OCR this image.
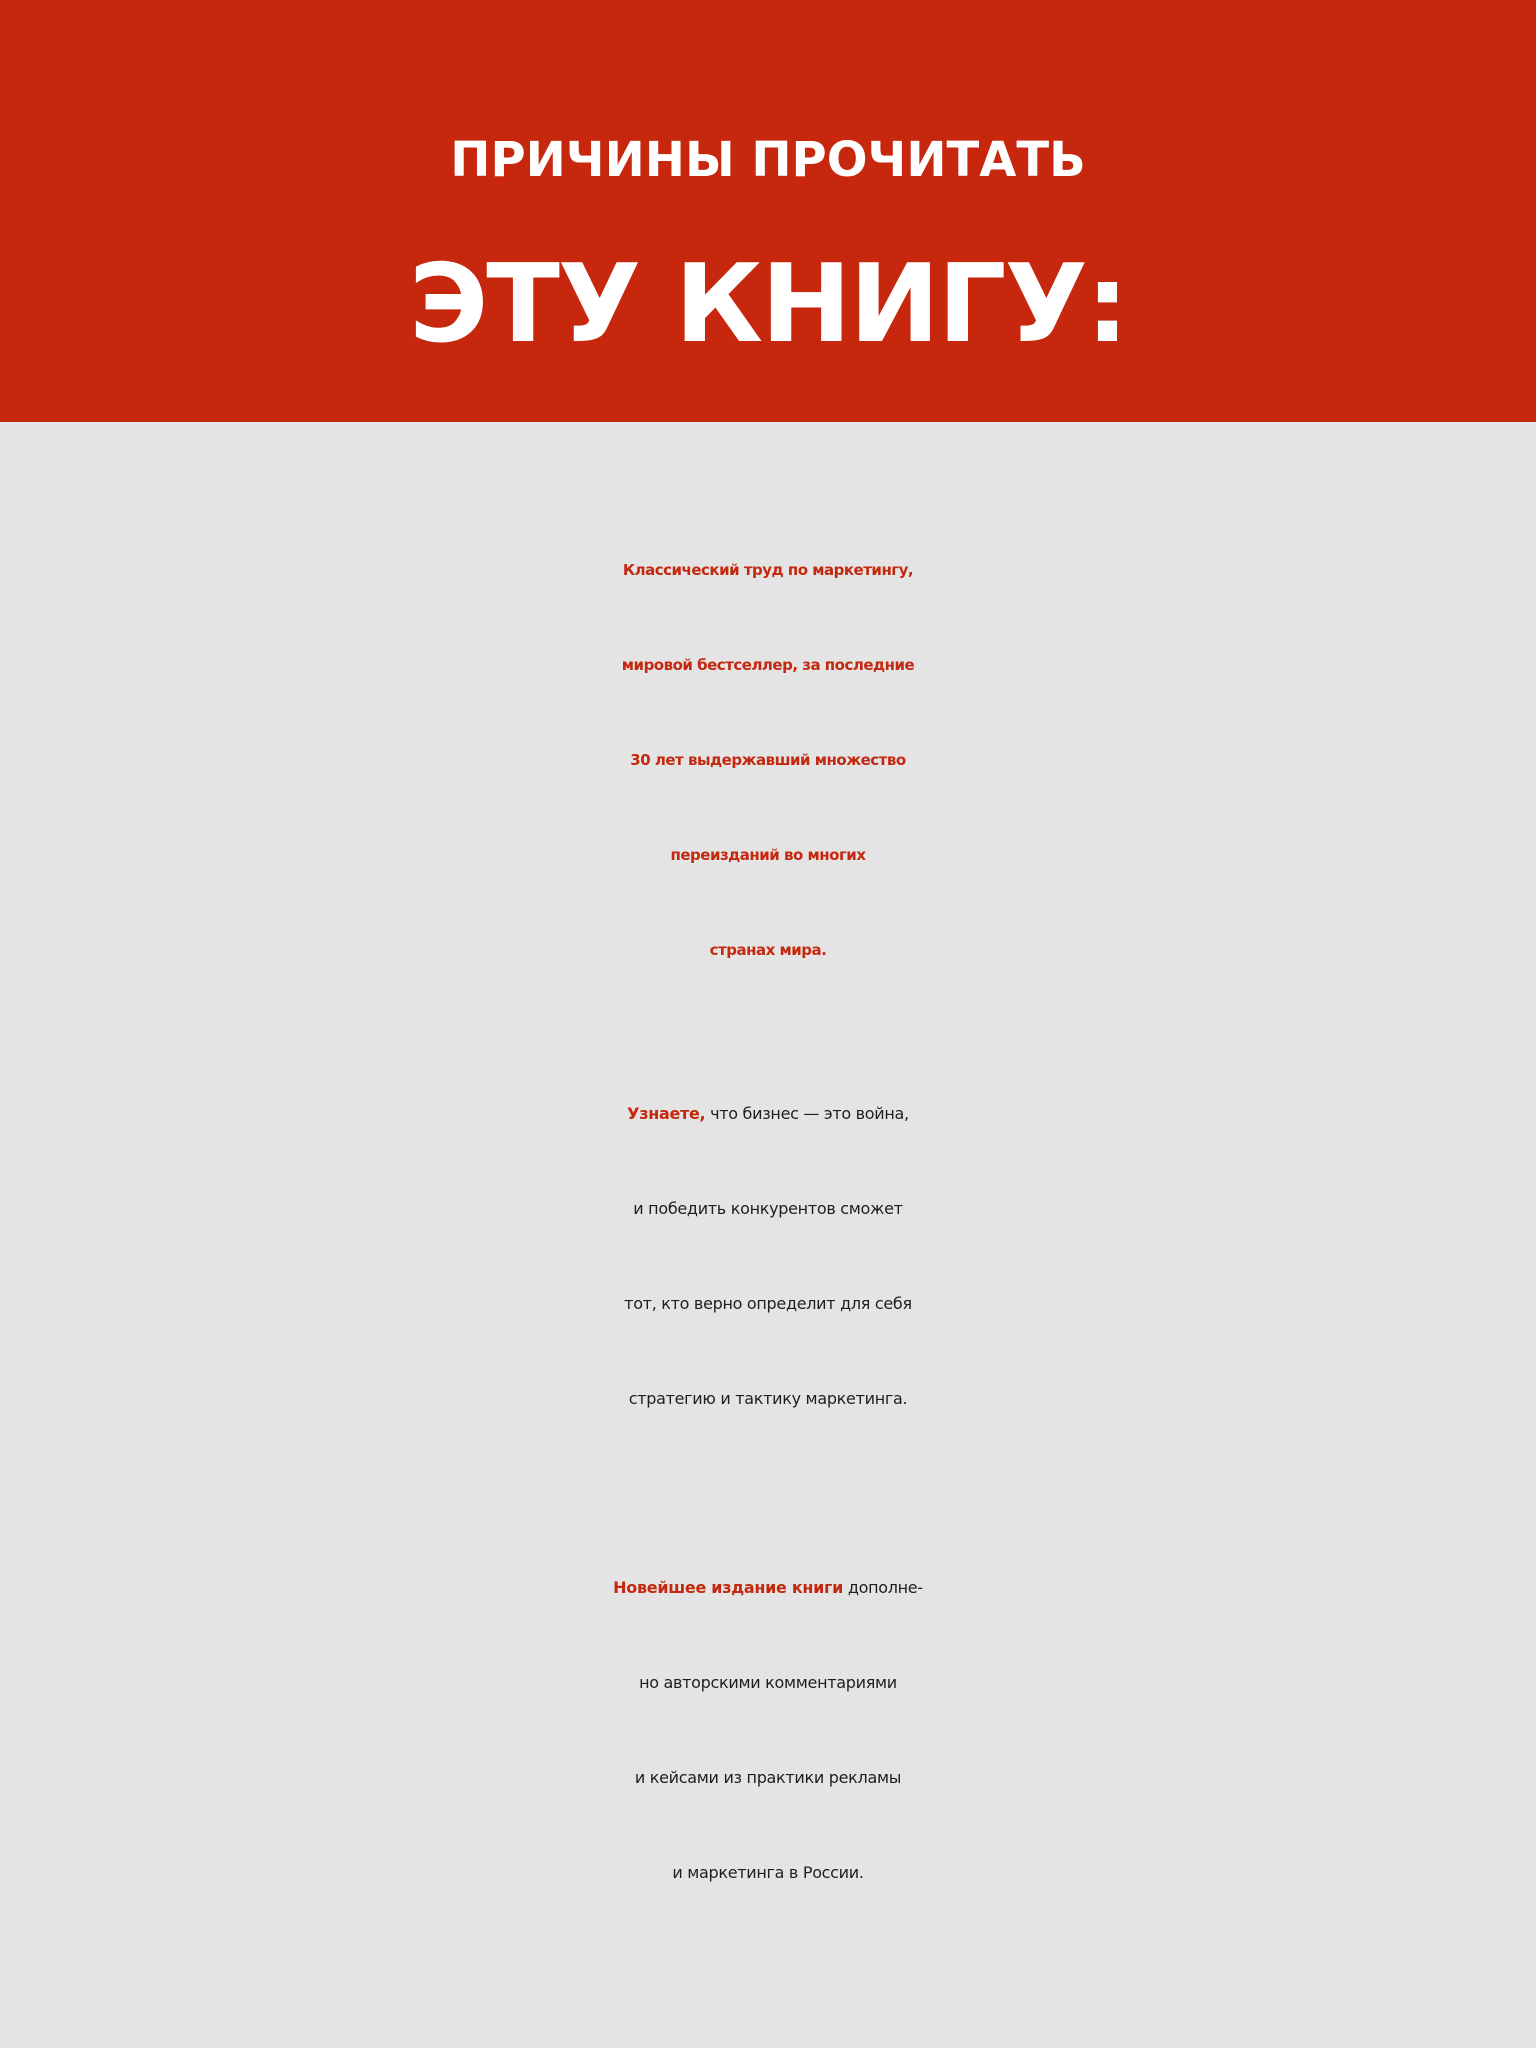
ПРИЧИНЫ ПРОЧИТАТЬ
ЭТУ КНИГУ:
Классический труд по маркетингу,
мировой бестселлер, за последние
30 лет выдержавший множество
переизданий во многих
странах мира.
Узнаете, что бизнес — это война,
и победить конкурентов сможет
тот, кто верно определит для себя
стратегию и тактику маркетинга.
Новейшее издание книги дополне-
но авторскими комментариями
и кейсами из практики рекламы
и маркетинга в России.
